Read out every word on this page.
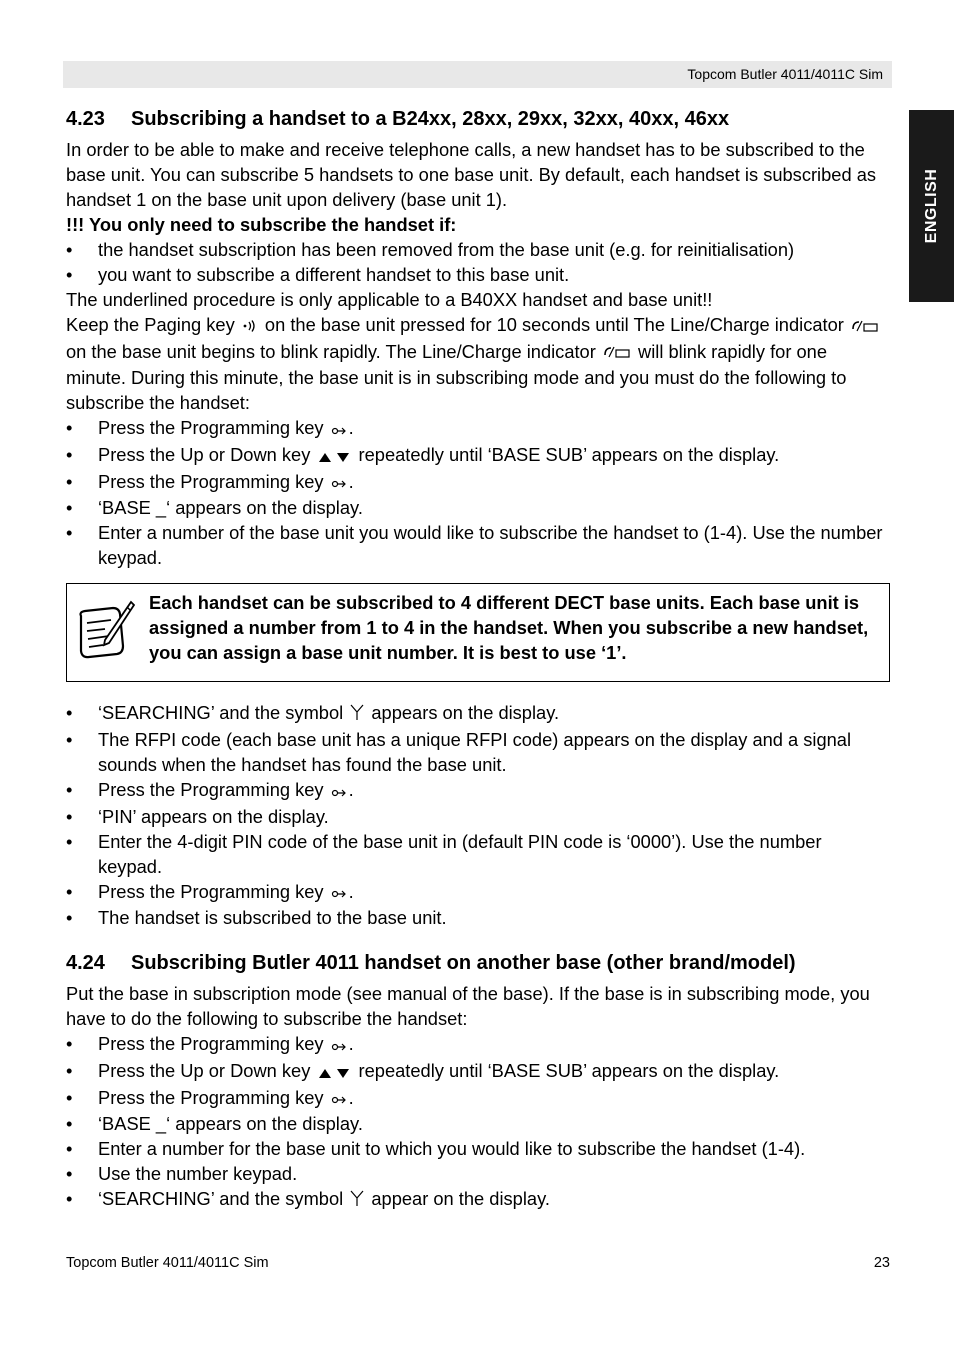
Topcom Butler 4011/4011C Sim
ENGLISH
4.23 Subscribing a handset to a B24xx, 28xx, 29xx, 32xx, 40xx, 46xx

In order to be able to make and receive telephone calls, a new handset has to be subscribed to the base unit. You can subscribe 5 handsets to one base unit. By default, each handset is subscribed as handset 1 on the base unit upon delivery (base unit 1).

!!! You only need to subscribe the handset if:

• the handset subscription has been removed from the base unit (e.g. for reinitialisation)
• you want to subscribe a different handset to this base unit.

The underlined procedure is only applicable to a B40XX handset and base unit!!

Keep the Paging key on the base unit pressed for 10 seconds until The Line/Charge indicator  on the base unit begins to blink rapidly. The Line/Charge indicator will blink rapidly for one minute. During this minute, the base unit is in subscribing mode and you must do the following to subscribe the handset:

• Press the Programming key .
• Press the Up or Down key	repeatedly until ‘BASE SUB’ appears on the display.
• Press the Programming key .
• ‘BASE _‘ appears on the display.
• Enter a number of the base unit you would like to subscribe the handset to (1-4). Use the number keypad.
Each handset can be subscribed to 4 different DECT base units. Each base unit is assigned a number from 1 to 4 in the handset. When you subscribe a new handset, you can assign a base unit number. It is best to use ‘1’.
• ‘SEARCHING’ and the symbol appears on the display.
• The RFPI code (each base unit has a unique RFPI code) appears on the display and a signal sounds when the handset has found the base unit.
• Press the Programming key .
• ‘PIN’ appears on the display.
• Enter the 4-digit PIN code of the base unit in (default PIN code is ‘0000’). Use the number keypad.
• Press the Programming key .
• The handset is subscribed to the base unit.
4.24 Subscribing Butler 4011 handset on another base (other brand/model)

Put the base in subscription mode (see manual of the base). If the base is in subscribing mode, you have to do the following to subscribe the handset:

• Press the Programming key .
• Press the Up or Down key	repeatedly until ‘BASE SUB’ appears on the display.
• Press the Programming key .
• ‘BASE _‘ appears on the display.
• Enter a number for the base unit to which you would like to subscribe the handset (1-4).
• Use the number keypad.
• ‘SEARCHING’ and the symbol appear on the display.
Topcom Butler 4011/4011C Sim	23
